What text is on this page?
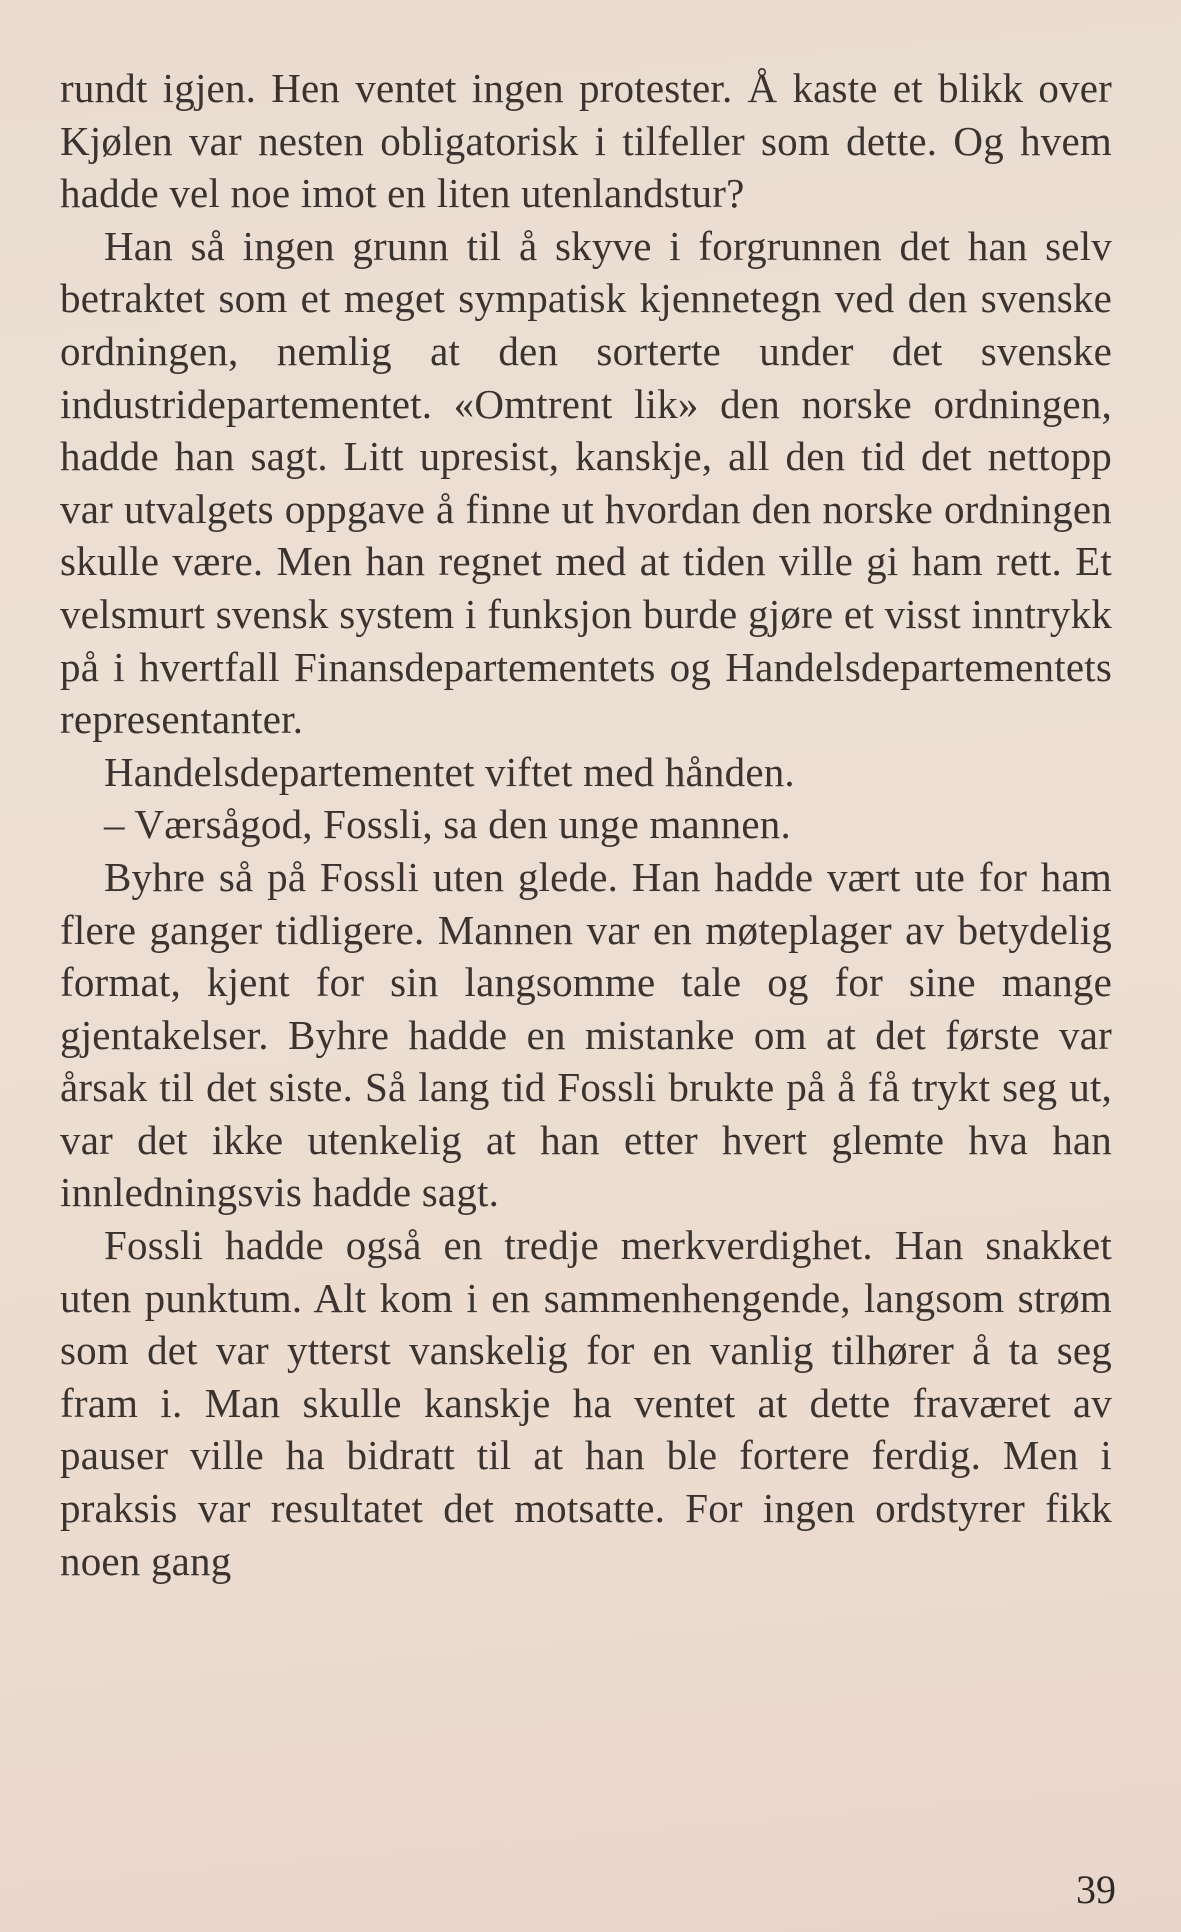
rundt igjen. Hen ventet ingen protester. Å kaste et blikk over Kjølen var nesten obligatorisk i tilfeller som dette. Og hvem hadde vel noe imot en liten utenlandstur?

Han så ingen grunn til å skyve i forgrunnen det han selv betraktet som et meget sympatisk kjennetegn ved den svenske ordningen, nemlig at den sorterte under det svenske industridepartementet. «Omtrent lik» den norske ordningen, hadde han sagt. Litt upresist, kanskje, all den tid det nettopp var utvalgets oppgave å finne ut hvordan den norske ordningen skulle være. Men han regnet med at tiden ville gi ham rett. Et velsmurt svensk system i funksjon burde gjøre et visst inntrykk på i hvertfall Finansdepartementets og Handelsdepartementets representanter.

Handelsdepartementet viftet med hånden.

– Værsågod, Fossli, sa den unge mannen.

Byhre så på Fossli uten glede. Han hadde vært ute for ham flere ganger tidligere. Mannen var en møteplager av betydelig format, kjent for sin langsomme tale og for sine mange gjentakelser. Byhre hadde en mistanke om at det første var årsak til det siste. Så lang tid Fossli brukte på å få trykt seg ut, var det ikke utenkelig at han etter hvert glemte hva han innledningsvis hadde sagt.

Fossli hadde også en tredje merkverdighet. Han snakket uten punktum. Alt kom i en sammenhengende, langsom strøm som det var ytterst vanskelig for en vanlig tilhører å ta seg fram i. Man skulle kanskje ha ventet at dette fraværet av pauser ville ha bidratt til at han ble fortere ferdig. Men i praksis var resultatet det motsatte. For ingen ordstyrer fikk noen gang

39
